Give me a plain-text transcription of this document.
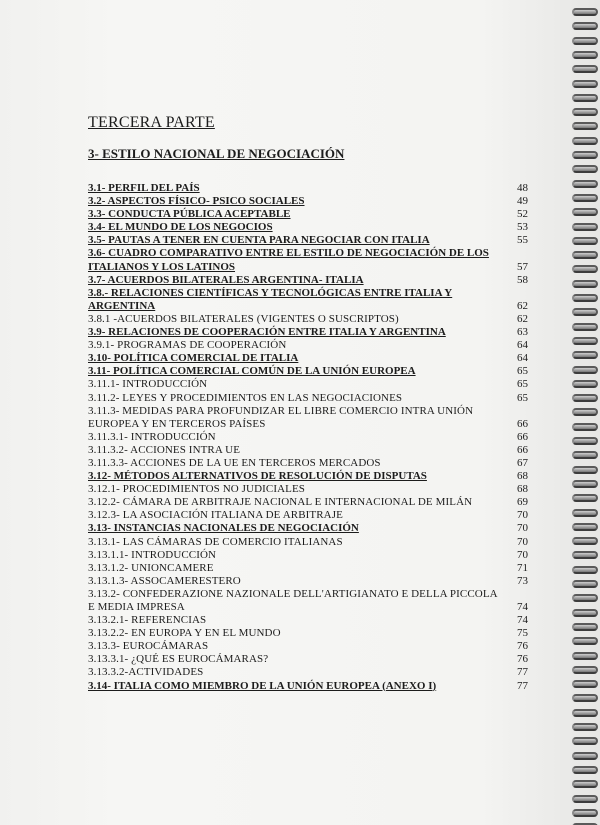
TERCERA PARTE
3- ESTILO NACIONAL DE NEGOCIACIÓN
3.1- PERFIL DEL PAÍS	48
3.2- ASPECTOS FÍSICO- PSICO SOCIALES	49
3.3- CONDUCTA PÚBLICA ACEPTABLE	52
3.4- EL MUNDO DE LOS NEGOCIOS	53
3.5- PAUTAS A TENER EN CUENTA PARA NEGOCIAR CON ITALIA	55
3.6- CUADRO COMPARATIVO ENTRE EL ESTILO DE NEGOCIACIÓN DE LOS ITALIANOS Y LOS LATINOS	57
3.7- ACUERDOS BILATERALES ARGENTINA- ITALIA	58
3.8.- RELACIONES CIENTÍFICAS Y TECNOLÓGICAS ENTRE ITALIA Y ARGENTINA	62
3.8.1 -ACUERDOS BILATERALES (VIGENTES O SUSCRIPTOS)	62
3.9- RELACIONES DE COOPERACIÓN ENTRE ITALIA Y ARGENTINA	63
3.9.1- PROGRAMAS DE COOPERACIÓN	64
3.10- POLÍTICA COMERCIAL DE ITALIA	64
3.11- POLÍTICA COMERCIAL COMÚN DE LA UNIÓN EUROPEA	65
3.11.1- INTRODUCCIÓN	65
3.11.2- LEYES Y PROCEDIMIENTOS EN LAS NEGOCIACIONES	65
3.11.3- MEDIDAS PARA PROFUNDIZAR EL LIBRE COMERCIO INTRA UNIÓN EUROPEA Y EN TERCEROS PAÍSES	66
3.11.3.1- INTRODUCCIÓN	66
3.11.3.2- ACCIONES INTRA UE	66
3.11.3.3- ACCIONES DE LA UE EN TERCEROS MERCADOS	67
3.12- MÉTODOS ALTERNATIVOS DE RESOLUCIÓN DE DISPUTAS	68
3.12.1- PROCEDIMIENTOS NO JUDICIALES	68
3.12.2- CÁMARA DE ARBITRAJE NACIONAL E INTERNACIONAL DE MILÁN	69
3.12.3- LA ASOCIACIÓN ITALIANA DE ARBITRAJE	70
3.13- INSTANCIAS NACIONALES DE NEGOCIACIÓN	70
3.13.1- LAS CÁMARAS DE COMERCIO ITALIANAS	70
3.13.1.1- INTRODUCCIÓN	70
3.13.1.2- UNIONCAMERE	71
3.13.1.3- ASSOCAMERESTERO	73
3.13.2- CONFEDERAZIONE NAZIONALE DELL'ARTIGIANATO E DELLA PICCOLA E MEDIA IMPRESA	74
3.13.2.1- REFERENCIAS	74
3.13.2.2- EN EUROPA Y EN EL MUNDO	75
3.13.3- EUROCÁMARAS	76
3.13.3.1- ¿QUÉ ES EUROCÁMARAS?	76
3.13.3.2-ACTIVIDADES	77
3.14- ITALIA COMO MIEMBRO DE LA UNIÓN EUROPEA (ANEXO I)	77
